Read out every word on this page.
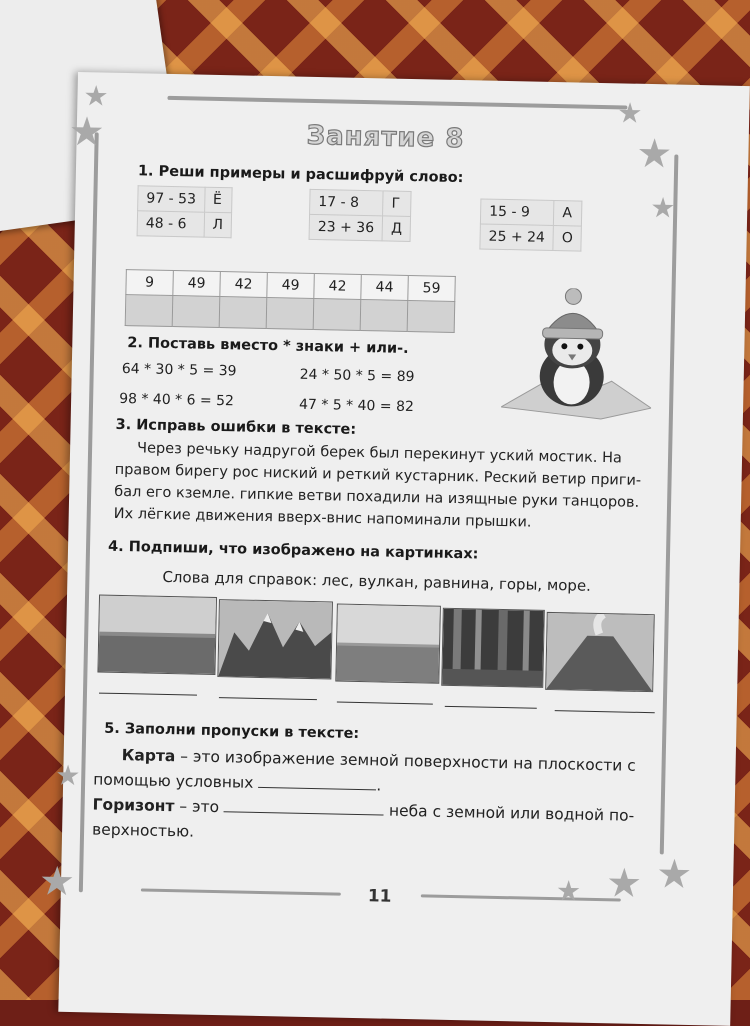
★
★	★
★
★
★
★	★ ★ ★
Занятие 8
1. Реши примеры и расшифруй слово:
97 - 53	Ё
48 - 6	Л
17 - 8	Г
23 + 36	Д
15 - 9	А
25 + 24	О
9	49	42	49	42	44	59

2. Поставь вместо * знаки + или-.
64 * 30 * 5 = 39	24 * 50 * 5 = 89
98 * 40 * 6 = 52	47 * 5 * 40 = 82
3. Исправь ошибки в тексте:
Через речьку надругой берек был перекинут уский мостик. На
правом бирегу рос ниский и реткий кустарник. Реский ветир приги-
бал его кземле. гипкие ветви похадили на изящные руки танцоров.
Их лёгкие движения вверх-внис напоминали прышки.
4. Подпиши, что изображено на картинках:
Слова для справок: лес, вулкан, равнина, горы, море.
5. Заполни пропуски в тексте:
Карта – это изображение земной поверхности на плоскости с
помощью условных	.
Горизонт – это	неба с земной или водной по-
верхностью.
11
